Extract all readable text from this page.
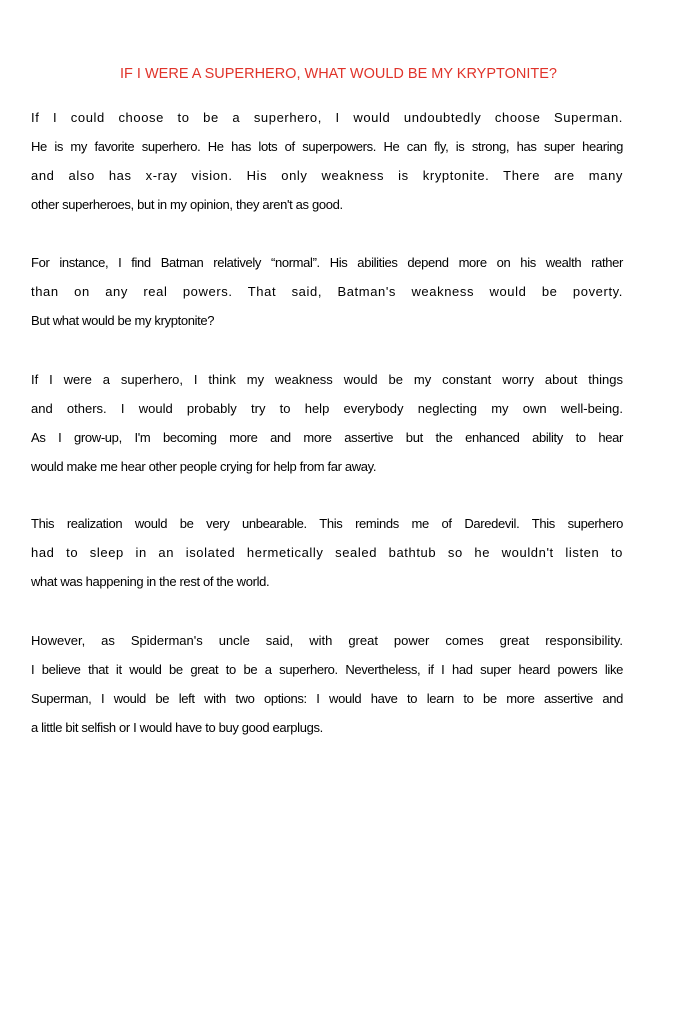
IF I WERE A SUPERHERO, WHAT WOULD BE MY KRYPTONITE?
If I could choose to be a superhero, I would undoubtedly choose Superman.
He is my favorite superhero. He has lots of superpowers. He can fly, is strong, has super hearing
and also has x-ray vision. His only weakness is kryptonite. There are many
other superheroes, but in my opinion, they aren't as good.
For instance, I find Batman relatively “normal”. His abilities depend more on his wealth rather
than on any real powers. That said, Batman's weakness would be poverty.
But what would be my kryptonite?
If I were a superhero, I think my weakness would be my constant worry about things
and others. I would probably try to help everybody neglecting my own well-being.
As I grow-up, I'm becoming more and more assertive but the enhanced ability to hear
would make me hear other people crying for help from far away.
This realization would be very unbearable. This reminds me of Daredevil. This superhero
had to sleep in an isolated hermetically sealed bathtub so he wouldn't listen to
what was happening in the rest of the world.
However, as Spiderman's uncle said, with great power comes great responsibility.
I believe that it would be great to be a superhero. Nevertheless, if I had super heard powers like
Superman, I would be left with two options: I would have to learn to be more assertive and
a little bit selfish or I would have to buy good earplugs.
